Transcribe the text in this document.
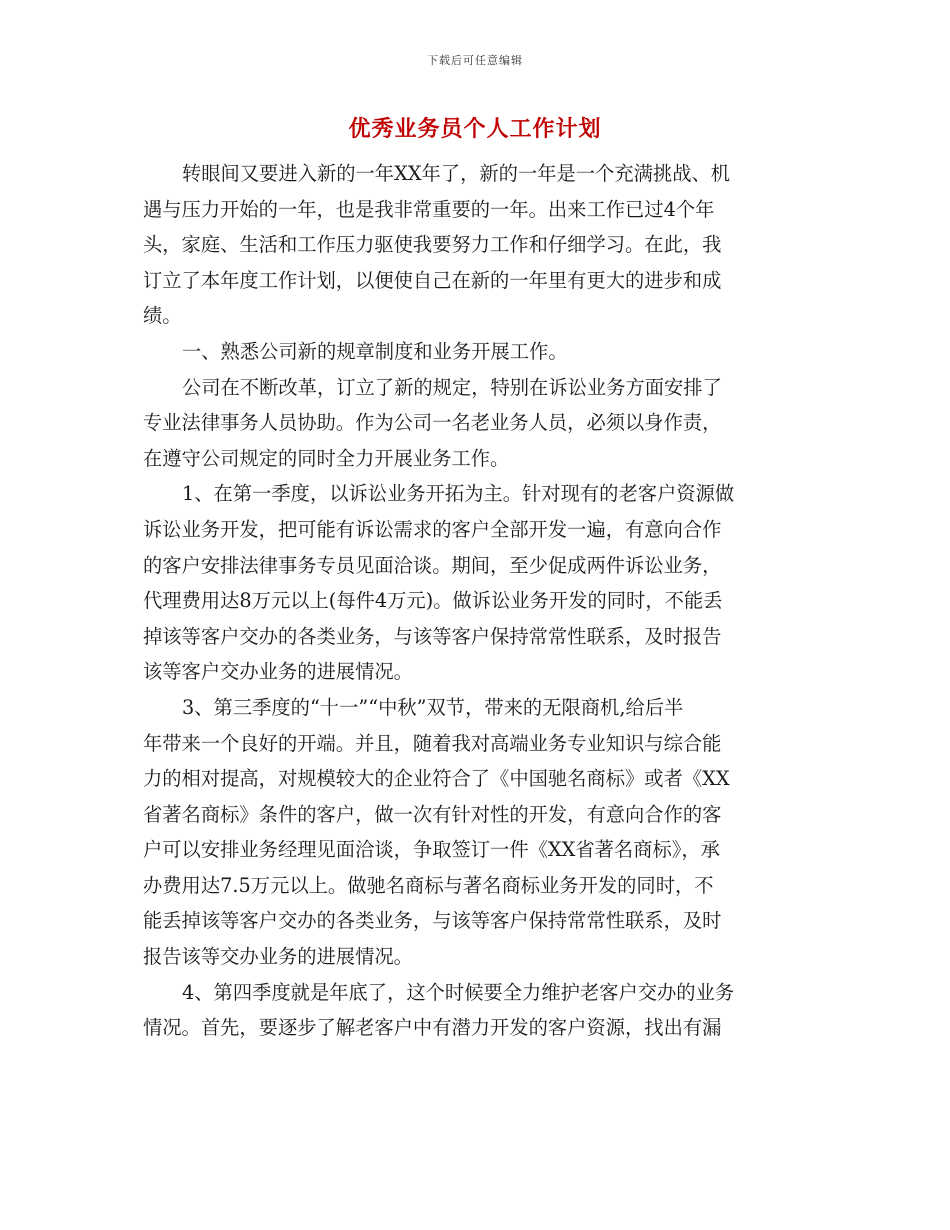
下载后可任意编辑
优秀业务员个人工作计划
转眼间又要进入新的一年XX年了，新的一年是一个充满挑战、机
遇与压力开始的一年，也是我非常重要的一年。出来工作已过4个年
头，家庭、生活和工作压力驱使我要努力工作和仔细学习。在此，我
订立了本年度工作计划，以便使自己在新的一年里有更大的进步和成
绩。
一、熟悉公司新的规章制度和业务开展工作。
公司在不断改革，订立了新的规定，特别在诉讼业务方面安排了
专业法律事务人员协助。作为公司一名老业务人员，必须以身作责，
在遵守公司规定的同时全力开展业务工作。
1、在第一季度，以诉讼业务开拓为主。针对现有的老客户资源做
诉讼业务开发，把可能有诉讼需求的客户全部开发一遍，有意向合作
的客户安排法律事务专员见面洽谈。期间，至少促成两件诉讼业务，
代理费用达8万元以上(每件4万元)。做诉讼业务开发的同时，不能丢
掉该等客户交办的各类业务，与该等客户保持常常性联系，及时报告
该等客户交办业务的进展情况。
3、第三季度的“十一”“中秋”双节，带来的无限商机,给后半
年带来一个良好的开端。并且，随着我对高端业务专业知识与综合能
力的相对提高，对规模较大的企业符合了《中国驰名商标》或者《XX
省著名商标》条件的客户，做一次有针对性的开发，有意向合作的客
户可以安排业务经理见面洽谈，争取签订一件《XX省著名商标》，承
办费用达7.5万元以上。做驰名商标与著名商标业务开发的同时，不
能丢掉该等客户交办的各类业务，与该等客户保持常常性联系，及时
报告该等交办业务的进展情况。
4、第四季度就是年底了，这个时候要全力维护老客户交办的业务
情况。首先，要逐步了解老客户中有潜力开发的客户资源，找出有漏
